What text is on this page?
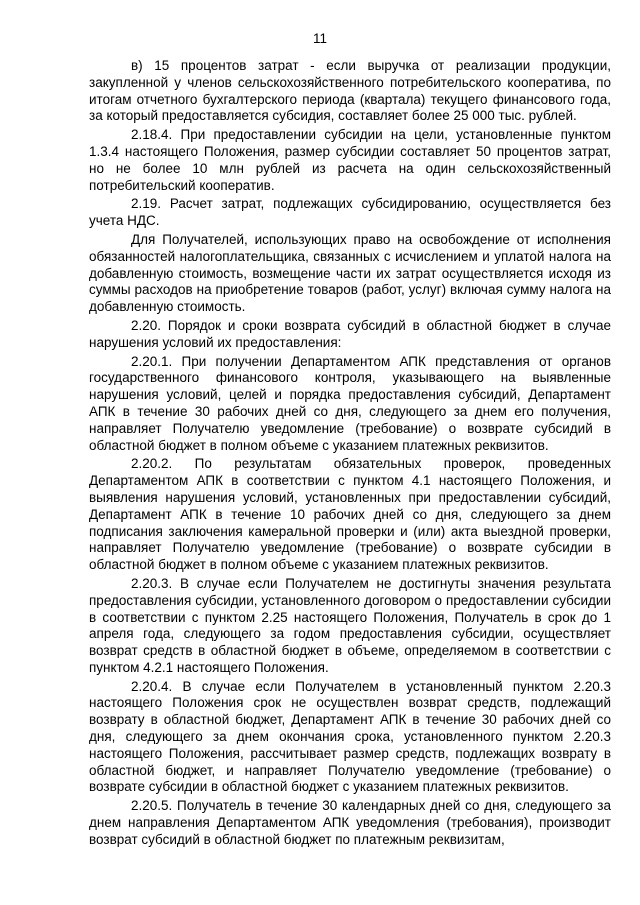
11

в) 15 процентов затрат - если выручка от реализации продукции, закупленной у членов сельскохозяйственного потребительского кооператива, по итогам отчетного бухгалтерского периода (квартала) текущего финансового года, за который предоставляется субсидия, составляет более 25 000 тыс. рублей.

2.18.4. При предоставлении субсидии на цели, установленные пунктом 1.3.4 настоящего Положения, размер субсидии составляет 50 процентов затрат, но не более 10 млн рублей из расчета на один сельскохозяйственный потребительский кооператив.

2.19. Расчет затрат, подлежащих субсидированию, осуществляется без учета НДС.

Для Получателей, использующих право на освобождение от исполнения обязанностей налогоплательщика, связанных с исчислением и уплатой налога на добавленную стоимость, возмещение части их затрат осуществляется исходя из суммы расходов на приобретение товаров (работ, услуг) включая сумму налога на добавленную стоимость.

2.20. Порядок и сроки возврата субсидий в областной бюджет в случае нарушения условий их предоставления:

2.20.1. При получении Департаментом АПК представления от органов государственного финансового контроля, указывающего на выявленные нарушения условий, целей и порядка предоставления субсидий, Департамент АПК в течение 30 рабочих дней со дня, следующего за днем его получения, направляет Получателю уведомление (требование) о возврате субсидий в областной бюджет в полном объеме с указанием платежных реквизитов.

2.20.2. По результатам обязательных проверок, проведенных Департаментом АПК в соответствии с пунктом 4.1 настоящего Положения, и выявления нарушения условий, установленных при предоставлении субсидий, Департамент АПК в течение 10 рабочих дней со дня, следующего за днем подписания заключения камеральной проверки и (или) акта выездной проверки, направляет Получателю уведомление (требование) о возврате субсидии в областной бюджет в полном объеме с указанием платежных реквизитов.

2.20.3. В случае если Получателем не достигнуты значения результата предоставления субсидии, установленного договором о предоставлении субсидии в соответствии с пунктом 2.25 настоящего Положения, Получатель в срок до 1 апреля года, следующего за годом предоставления субсидии, осуществляет возврат средств в областной бюджет в объеме, определяемом в соответствии с пунктом 4.2.1 настоящего Положения.

2.20.4. В случае если Получателем в установленный пунктом 2.20.3 настоящего Положения срок не осуществлен возврат средств, подлежащий возврату в областной бюджет, Департамент АПК в течение 30 рабочих дней со дня, следующего за днем окончания срока, установленного пунктом 2.20.3 настоящего Положения, рассчитывает размер средств, подлежащих возврату в областной бюджет, и направляет Получателю уведомление (требование) о возврате субсидии в областной бюджет с указанием платежных реквизитов.

2.20.5. Получатель в течение 30 календарных дней со дня, следующего за днем направления Департаментом АПК уведомления (требования), производит возврат субсидий в областной бюджет по платежным реквизитам,
